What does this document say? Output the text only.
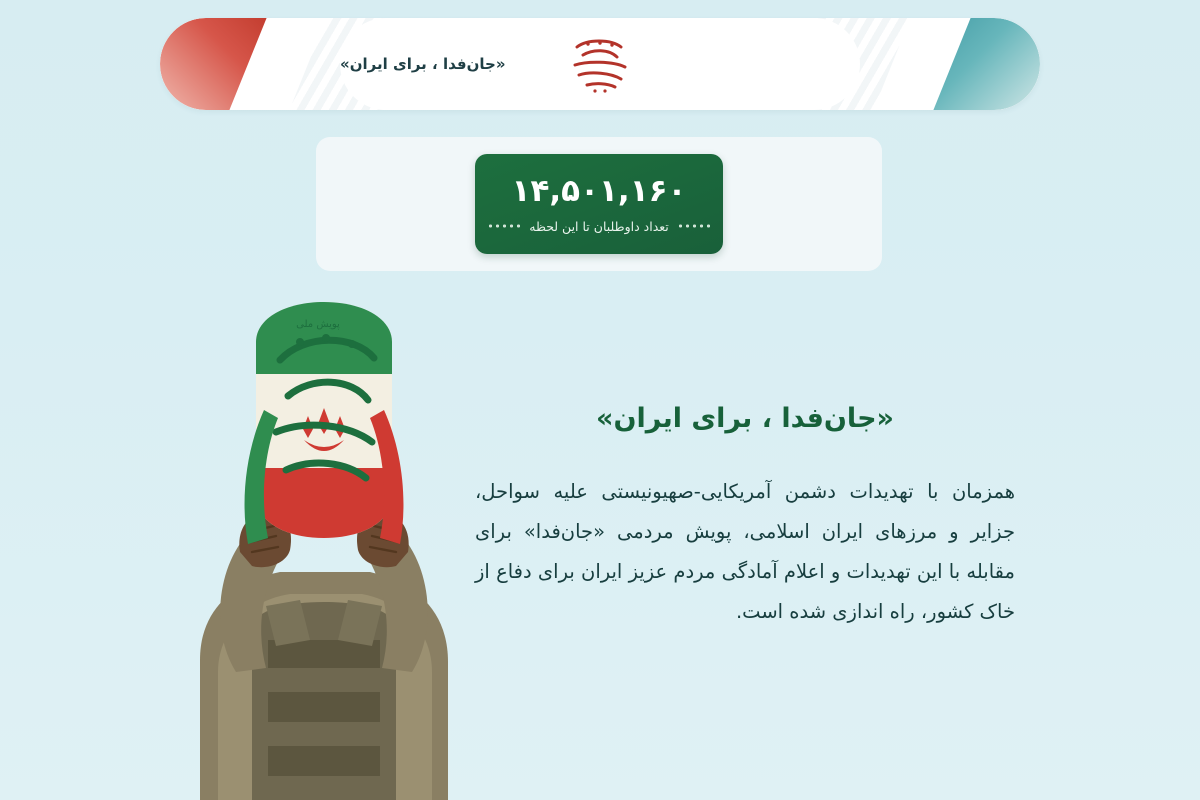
«جان‌فدا ، برای ایران»
۱۴,۵۰۱,۱۶۰
تعداد داوطلبان تا این لحظه
«جان‌فدا ، برای ایران»

همزمان با تهدیدات دشمن آمریکایی-صهیونیستی علیه سواحل، جزایر و مرزهای ایران اسلامی، پویش مردمی «جان‌فدا» برای مقابله با این تهدیدات و اعلام آمادگی مردم عزیز ایران برای دفاع از خاک کشور، راه اندازی شده است.

پویش ملی
